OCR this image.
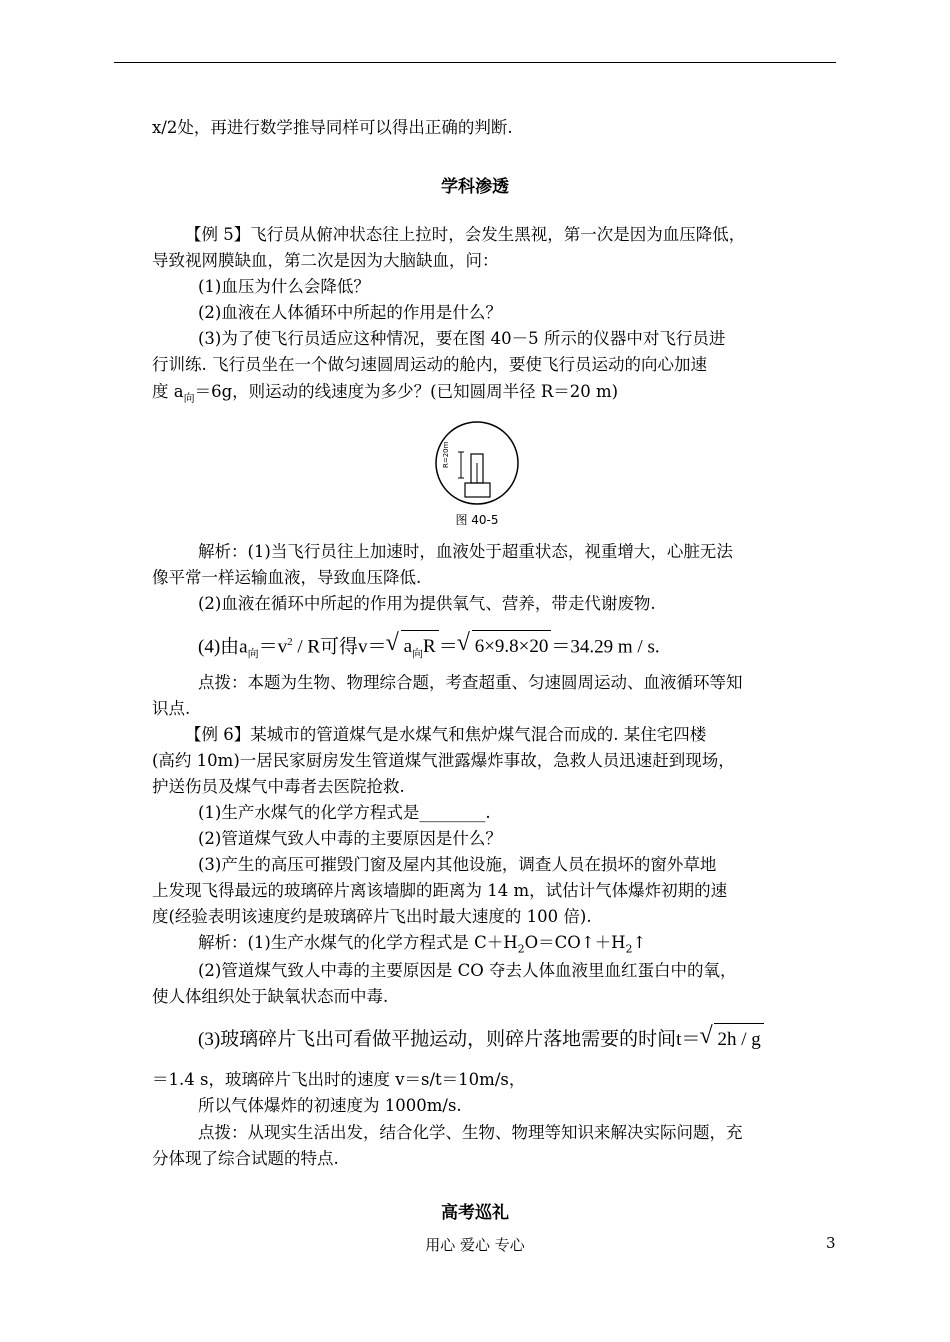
x/2处，再进行数学推导同样可以得出正确的判断.
学科渗透
【例 5】飞行员从俯冲状态往上拉时，会发生黑视，第一次是因为血压降低，
导致视网膜缺血，第二次是因为大脑缺血，问：
(1)血压为什么会降低？
(2)血液在人体循环中所起的作用是什么？
(3)为了使飞行员适应这种情况，要在图 40－5 所示的仪器中对飞行员进
行训练. 飞行员坐在一个做匀速圆周运动的舱内，要使飞行员运动的向心加速
度 $a_向=6g$，则运动的线速度为多少？(已知圆周半径 R＝20 m)
R=20m
图 40-5
解析：(1)当飞行员往上加速时，血液处于超重状态，视重增大，心脏无法
像平常一样运输血液，导致血压降低.
(2)血液在循环中所起的作用为提供氧气、营养，带走代谢废物.
(4)由$a_向=v^2 / R$可得v＝ √ $a_向R$ ＝ √ 6×9.8×20 ＝34.29 m / s.
点拨：本题为生物、物理综合题，考查超重、匀速圆周运动、血液循环等知
识点.
【例 6】某城市的管道煤气是水煤气和焦炉煤气混合而成的. 某住宅四楼
(高约 10m)一居民家厨房发生管道煤气泄露爆炸事故，急救人员迅速赶到现场，
护送伤员及煤气中毒者去医院抢救.
(1)生产水煤气的化学方程式是________.
(2)管道煤气致人中毒的主要原因是什么？
(3)产生的高压可摧毁门窗及屋内其他设施，调查人员在损坏的窗外草地
上发现飞得最远的玻璃碎片离该墙脚的距离为 14 m，试估计气体爆炸初期的速
度(经验表明该速度约是玻璃碎片飞出时最大速度的 100 倍).
解析：(1)生产水煤气的化学方程式是 $C+H_2O=CO↑+H_2↑$
(2)管道煤气致人中毒的主要原因是 CO 夺去人体血液里血红蛋白中的氧，
使人体组织处于缺氧状态而中毒.
(3)玻璃碎片飞出可看做平抛运动，则碎片落地需要的时间t＝ √ 2h / g
＝1.4 s，玻璃碎片飞出时的速度 v＝s/t＝10m/s，
所以气体爆炸的初速度为 1000m/s.
点拨：从现实生活出发，结合化学、生物、物理等知识来解决实际问题，充
分体现了综合试题的特点.
高考巡礼
用心 爱心 专心	3
